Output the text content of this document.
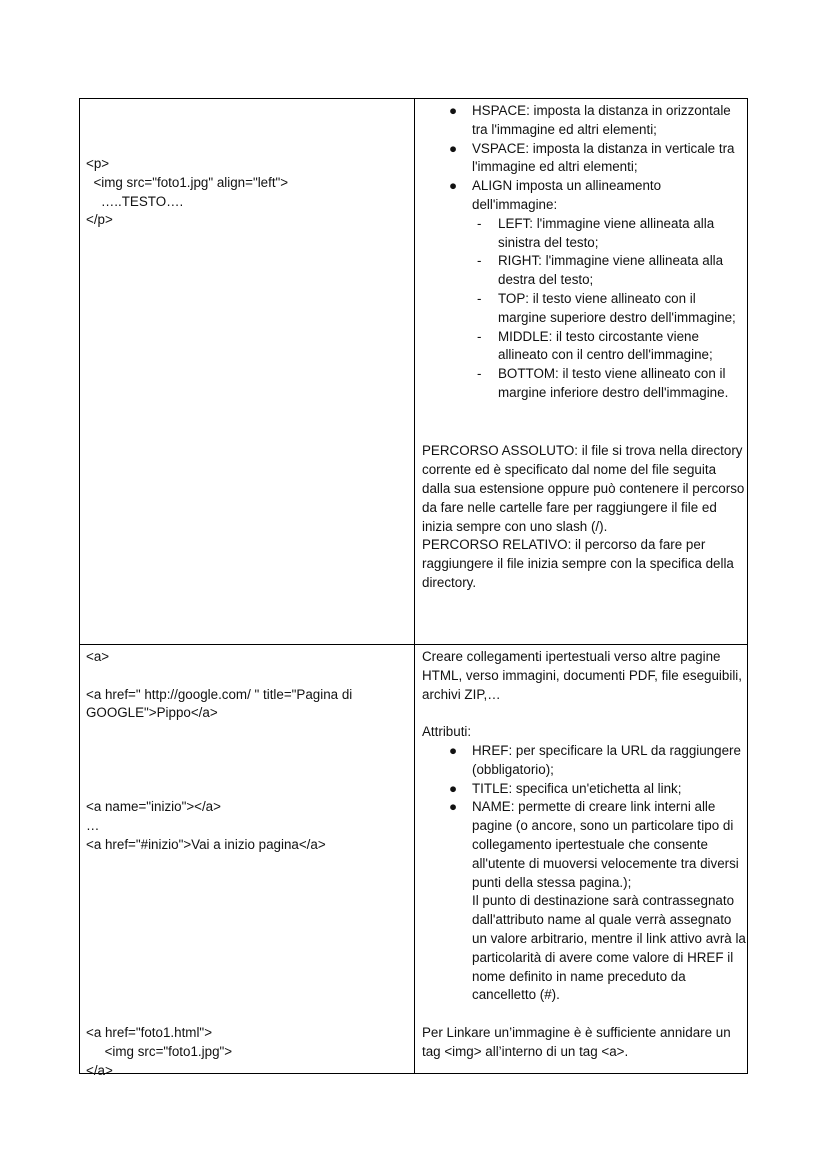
<p>
<img src="foto1.jpg" align="left">
…..TESTO….
</p>
● HSPACE: imposta la distanza in orizzontale tra l'immagine ed altri elementi;
● VSPACE: imposta la distanza in verticale tra l'immagine ed altri elementi;
● ALIGN imposta un allineamento dell'immagine:
- LEFT: l'immagine viene allineata alla sinistra del testo;
- RIGHT: l'immagine viene allineata alla destra del testo;
- TOP: il testo viene allineato con il margine superiore destro dell'immagine;
- MIDDLE: il testo circostante viene allineato con il centro dell'immagine;
- BOTTOM: il testo viene allineato con il margine inferiore destro dell'immagine.
PERCORSO ASSOLUTO: il file si trova nella directory corrente ed è specificato dal nome del file seguita dalla sua estensione oppure può contenere il percorso da fare nelle cartelle fare per raggiungere il file ed inizia sempre con uno slash (/).
PERCORSO RELATIVO: il percorso da fare per raggiungere il file inizia sempre con la specifica della directory.
<a>
<a href=" http://google.com/ " title="Pagina di
GOOGLE">Pippo</a>
<a name="inizio"></a>
…
<a href="#inizio">Vai a inizio pagina</a>
<a href="foto1.html">
<img src="foto1.jpg">
</a>
Creare collegamenti ipertestuali verso altre pagine HTML, verso immagini, documenti PDF, file eseguibili, archivi ZIP,…
Attributi:
● HREF: per specificare la URL da raggiungere (obbligatorio);
● TITLE: specifica un'etichetta al link;
● NAME: permette di creare link interni alle pagine (o ancore, sono un particolare tipo di collegamento ipertestuale che consente all'utente di muoversi velocemente tra diversi punti della stessa pagina.);
Il punto di destinazione sarà contrassegnato dall'attributo name al quale verrà assegnato un valore arbitrario, mentre il link attivo avrà la particolarità di avere come valore di HREF il nome definito in name preceduto da cancelletto (#).
Per Linkare un’immagine è è sufficiente annidare un tag <img> all’interno di un tag <a>.
